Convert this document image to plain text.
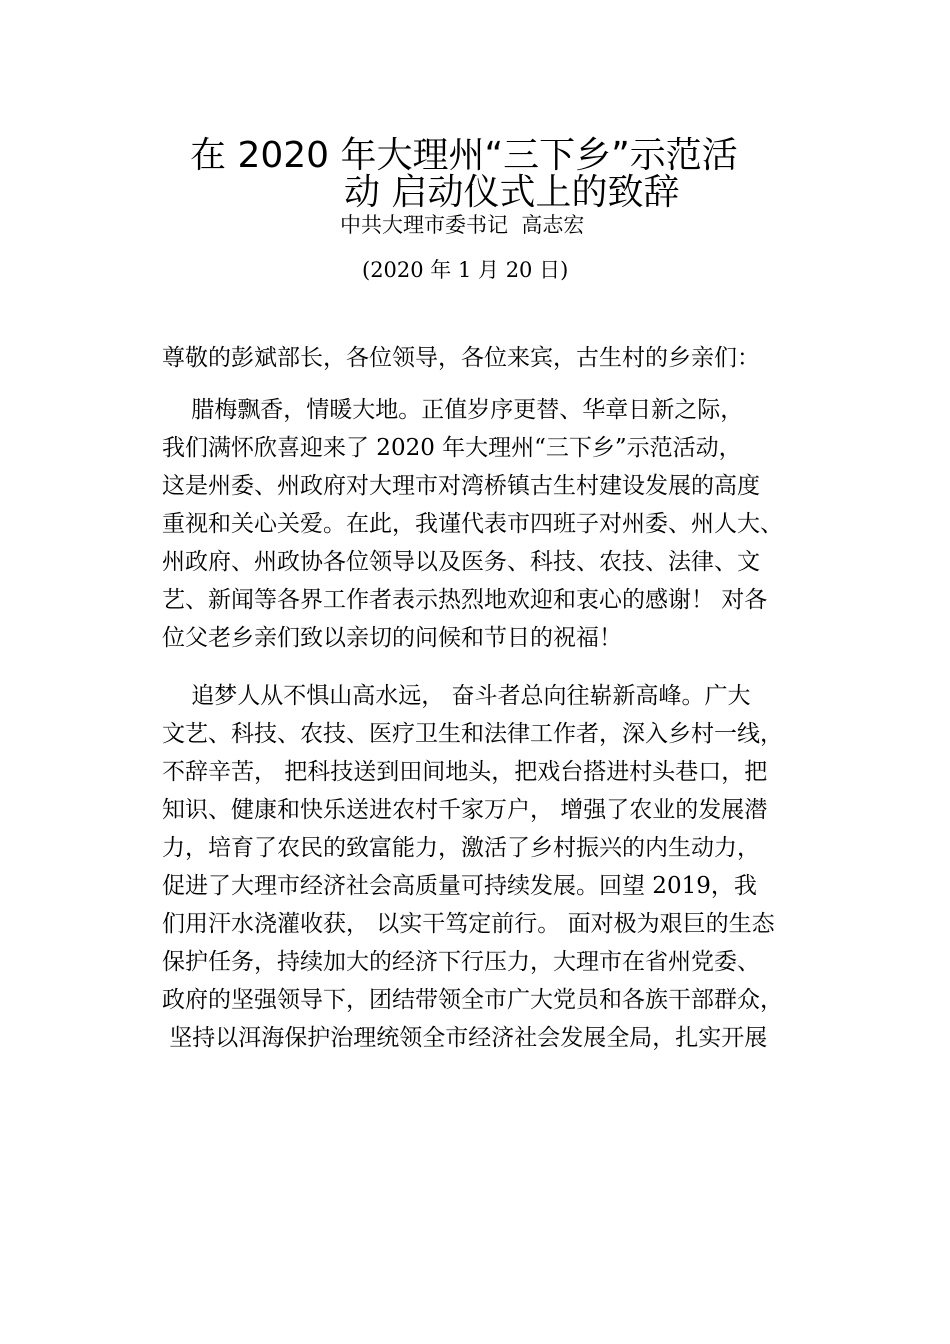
在 2020 年大理州“三下乡”示范活
动 启动仪式上的致辞
中共大理市委书记  高志宏
(2020 年 1 月 20 日)
尊敬的彭斌部长，各位领导，各位来宾，古生村的乡亲们：
腊梅飘香，情暖大地。正值岁序更替、华章日新之际，
我们满怀欣喜迎来了 2020 年大理州“三下乡”示范活动，
这是州委、州政府对大理市对湾桥镇古生村建设发展的高度
重视和关心关爱。在此，我谨代表市四班子对州委、州人大、
州政府、州政协各位领导以及医务、科技、农技、法律、文
艺、新闻等各界工作者表示热烈地欢迎和衷心的感谢！ 对各
位父老乡亲们致以亲切的问候和节日的祝福！
追梦人从不惧山高水远， 奋斗者总向往崭新高峰。广大
文艺、科技、农技、医疗卫生和法律工作者，深入乡村一线，
不辞辛苦， 把科技送到田间地头，把戏台搭进村头巷口，把
知识、健康和快乐送进农村千家万户， 增强了农业的发展潜
力，培育了农民的致富能力，激活了乡村振兴的内生动力，
促进了大理市经济社会高质量可持续发展。回望 2019，我
们用汗水浇灌收获， 以实干笃定前行。 面对极为艰巨的生态
保护任务，持续加大的经济下行压力，大理市在省州党委、
政府的坚强领导下，团结带领全市广大党员和各族干部群众，
坚持以洱海保护治理统领全市经济社会发展全局，扎实开展
